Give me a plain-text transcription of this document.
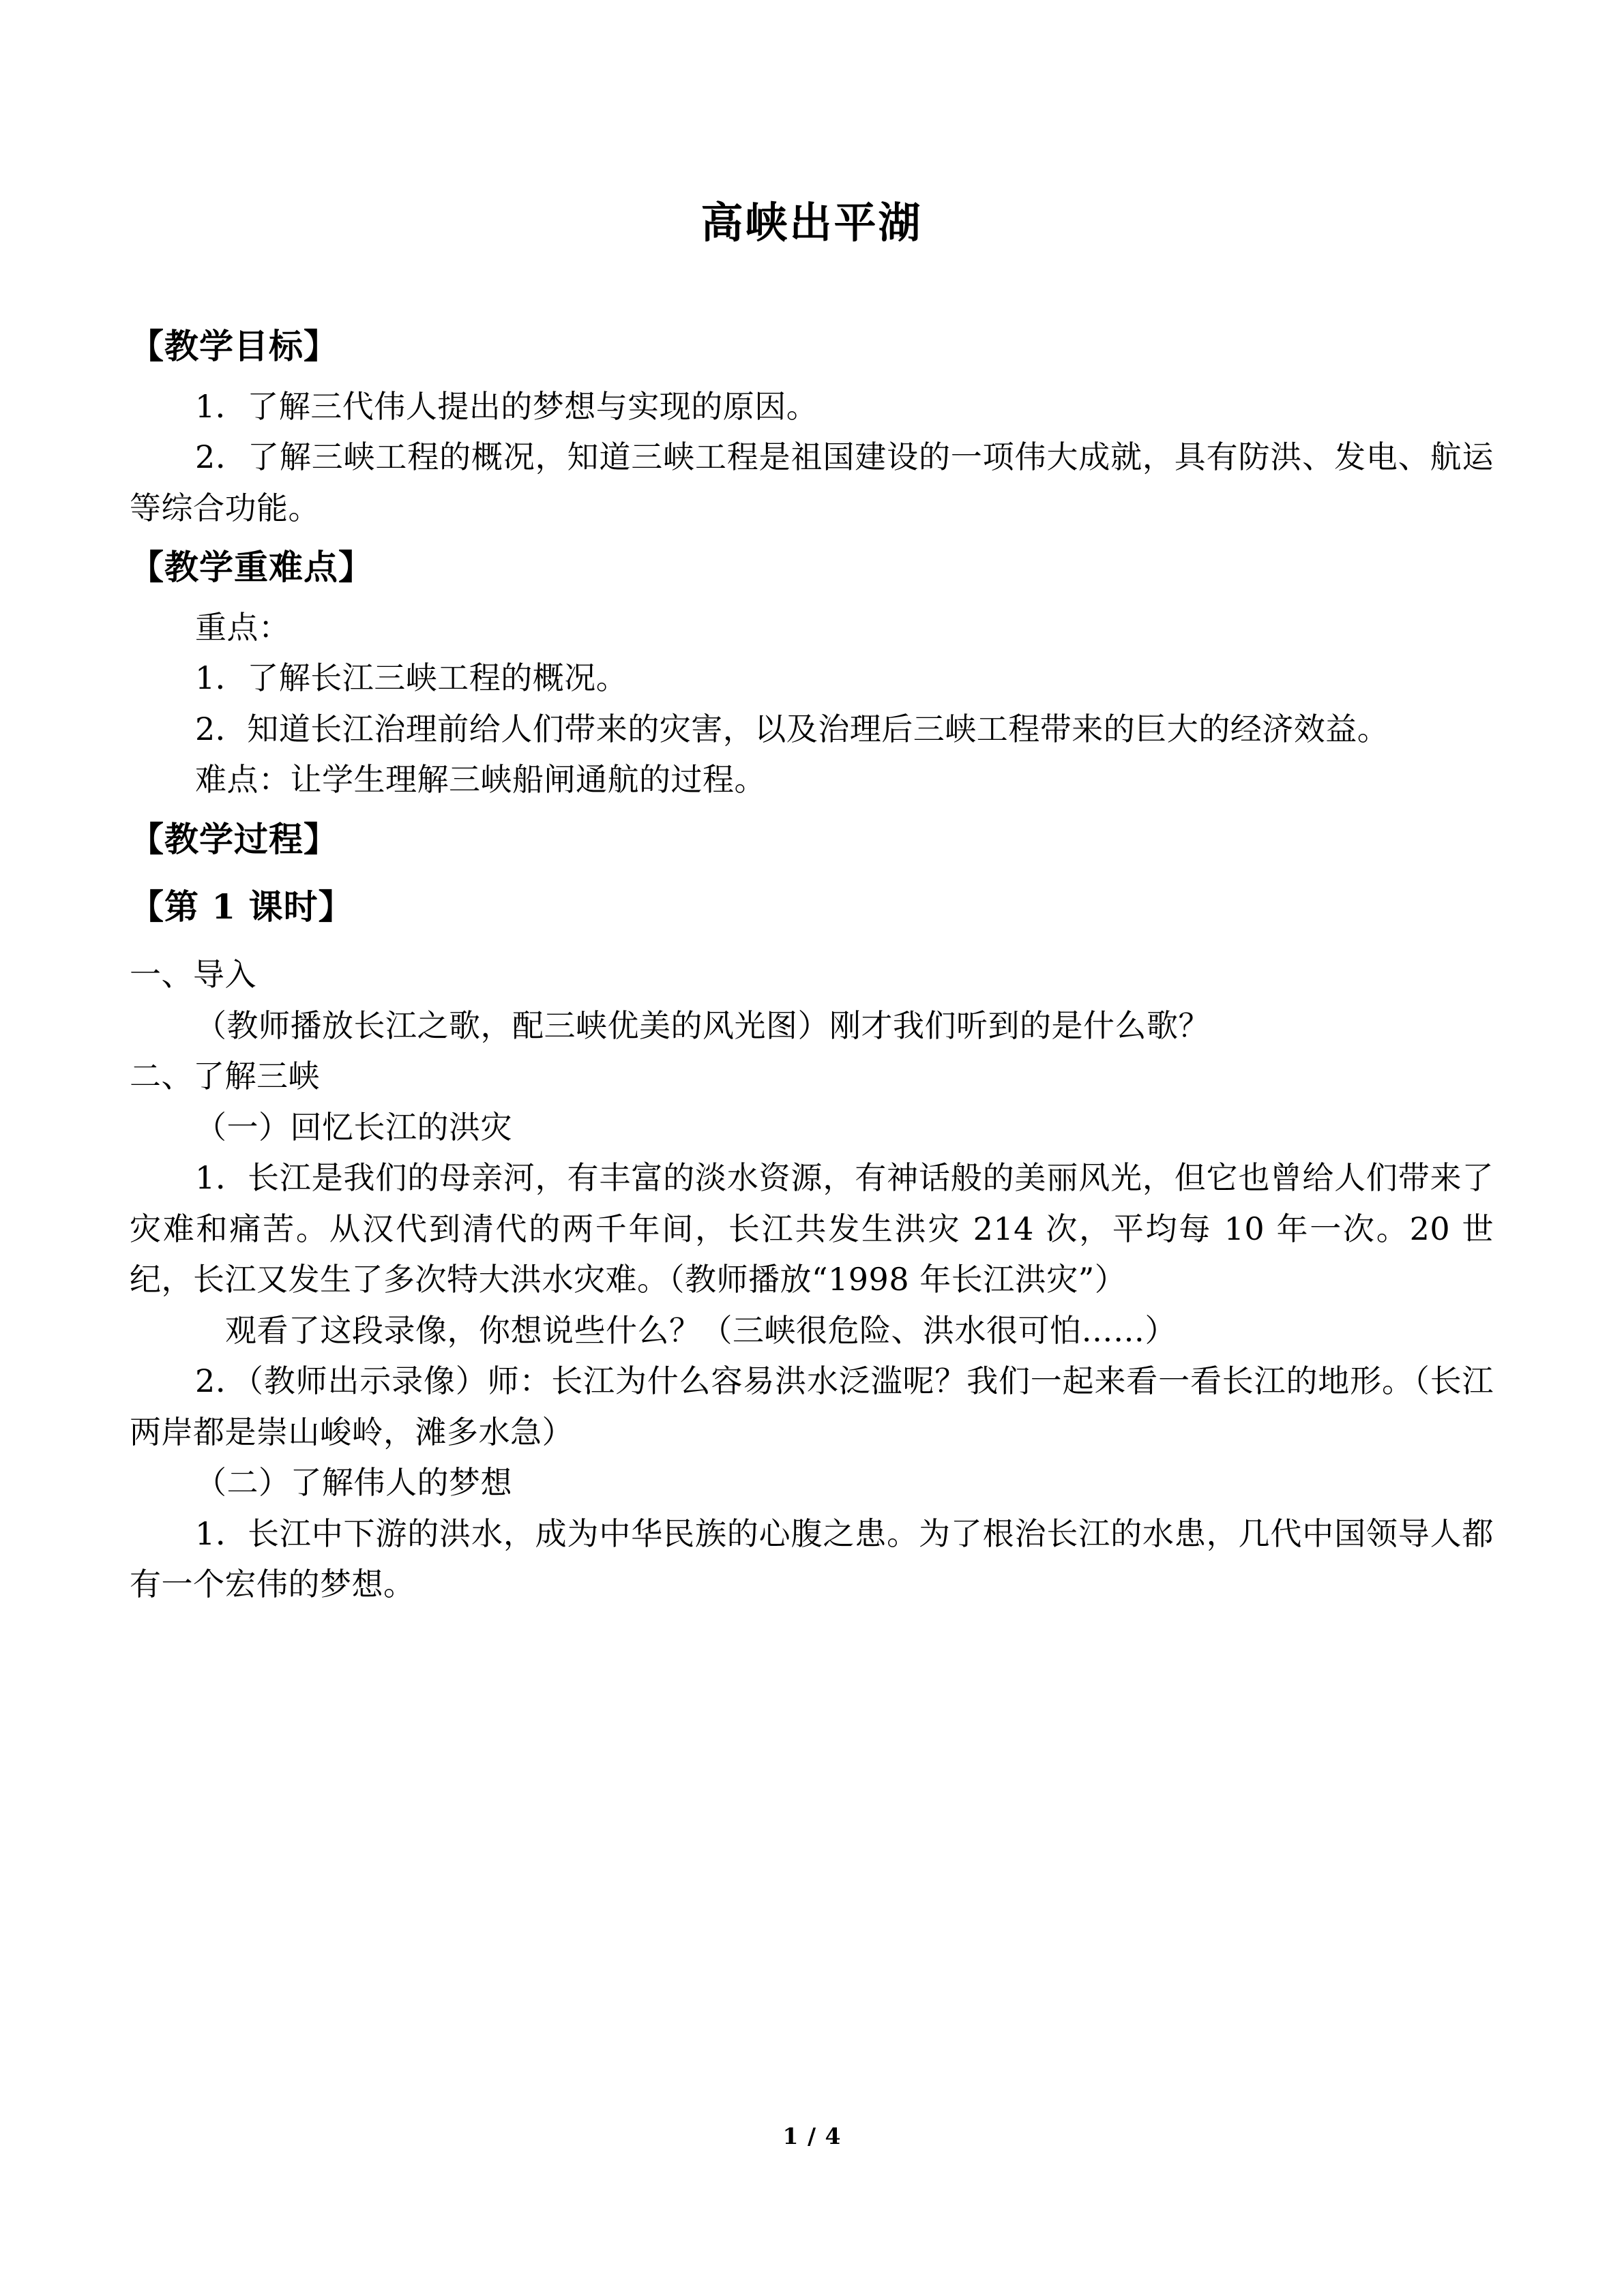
高峡出平湖
【教学目标】

1．了解三代伟人提出的梦想与实现的原因。

2．了解三峡工程的概况，知道三峡工程是祖国建设的一项伟大成就，具有防洪、发电、航运等综合功能。

【教学重难点】

重点：

1．了解长江三峡工程的概况。

2．知道长江治理前给人们带来的灾害，以及治理后三峡工程带来的巨大的经济效益。

难点：让学生理解三峡船闸通航的过程。

【教学过程】
【第 1 课时】

一、导入

（教师播放长江之歌，配三峡优美的风光图）刚才我们听到的是什么歌？

二、了解三峡

（一）回忆长江的洪灾

1．长江是我们的母亲河，有丰富的淡水资源，有神话般的美丽风光，但它也曾给人们带来了灾难和痛苦。从汉代到清代的两千年间，长江共发生洪灾 214 次，平均每 10 年一次。20 世纪，长江又发生了多次特大洪水灾难。（教师播放“1998 年长江洪灾”）

观看了这段录像，你想说些什么？（三峡很危险、洪水很可怕……）

2．（教师出示录像）师：长江为什么容易洪水泛滥呢？我们一起来看一看长江的地形。（长江两岸都是崇山峻岭，滩多水急）

（二）了解伟人的梦想

1．长江中下游的洪水，成为中华民族的心腹之患。为了根治长江的水患，几代中国领导人都有一个宏伟的梦想。

1 / 4
